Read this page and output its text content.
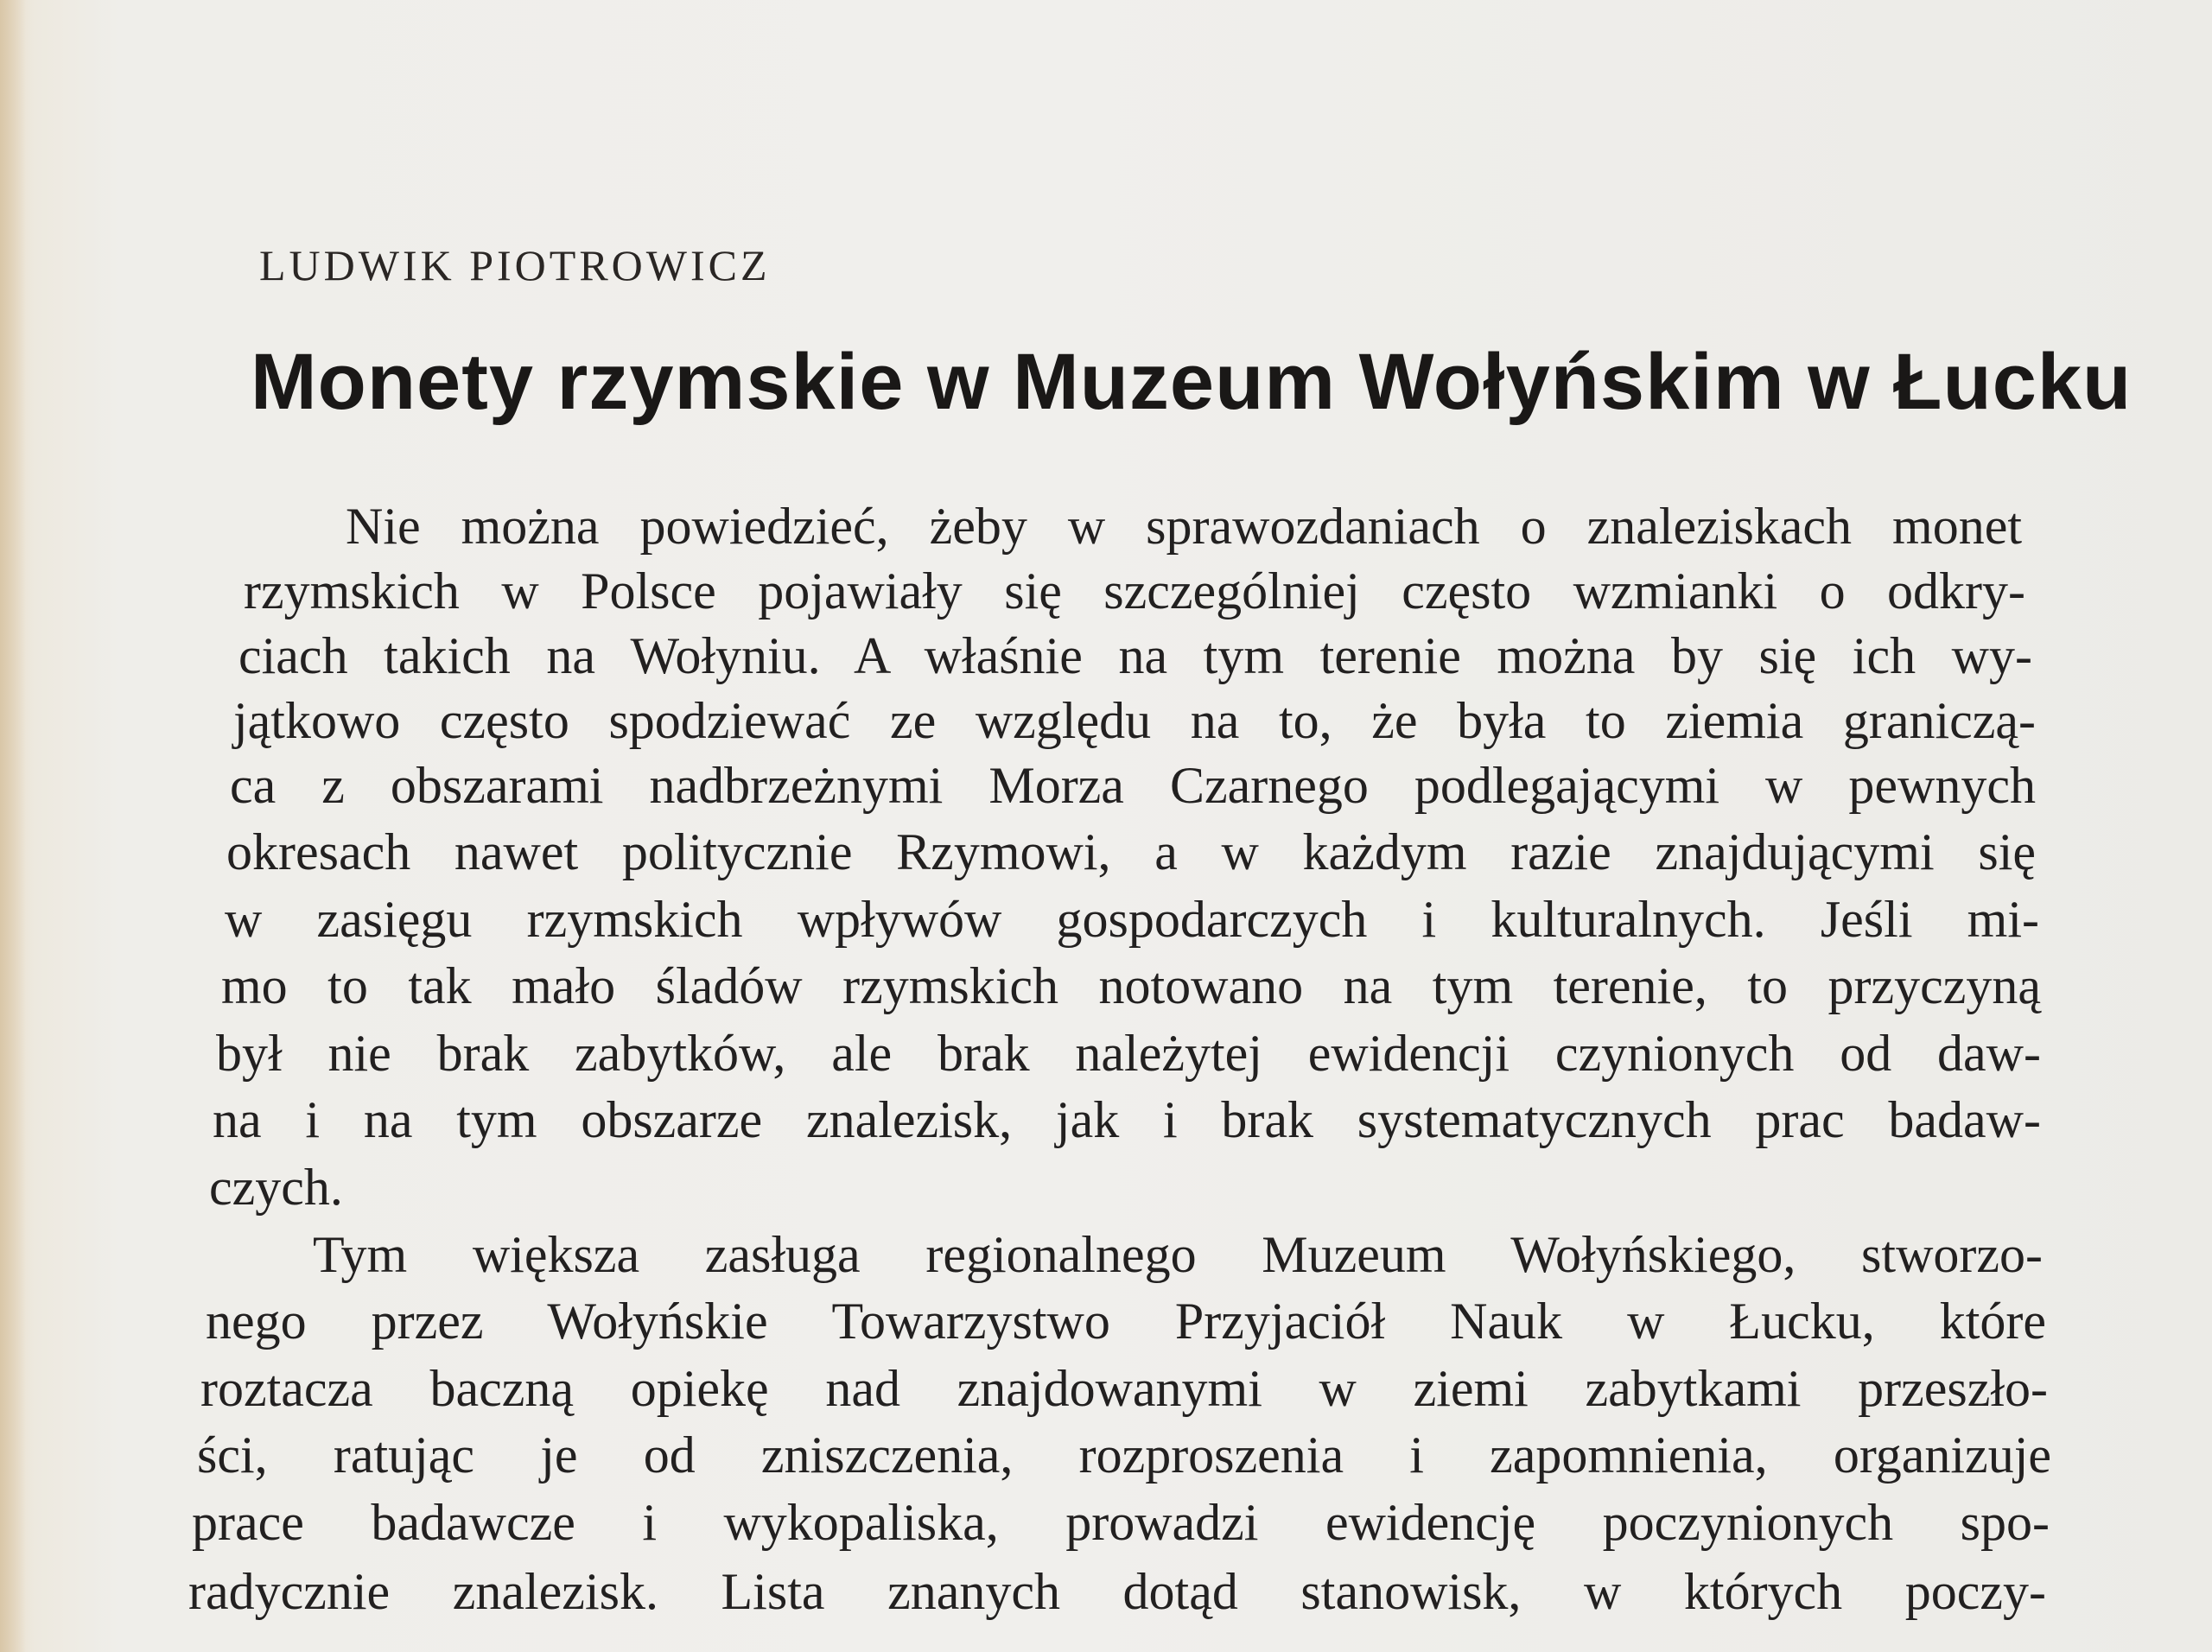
LUDWIK PIOTROWICZ
Monety rzymskie w Muzeum Wołyńskim w Łucku
Nie można powiedzieć, żeby w sprawozdaniach o znaleziskach monet
rzymskich w Polsce pojawiały się szczególniej często wzmianki o odkry-
ciach takich na Wołyniu. A właśnie na tym terenie można by się ich wy-
jątkowo często spodziewać ze względu na to, że była to ziemia graniczą-
ca z obszarami nadbrzeżnymi Morza Czarnego podlegającymi w pewnych
okresach nawet politycznie Rzymowi, a w każdym razie znajdującymi się
w zasięgu rzymskich wpływów gospodarczych i kulturalnych. Jeśli mi-
mo to tak mało śladów rzymskich notowano na tym terenie, to przyczyną
był nie brak zabytków, ale brak należytej ewidencji czynionych od daw-
na i na tym obszarze znalezisk, jak i brak systematycznych prac badaw-
czych.
Tym większa zasługa regionalnego Muzeum Wołyńskiego, stworzo-
nego przez Wołyńskie Towarzystwo Przyjaciół Nauk w Łucku, które
roztacza baczną opiekę nad znajdowanymi w ziemi zabytkami przeszło-
ści, ratując je od zniszczenia, rozproszenia i zapomnienia, organizuje
prace badawcze i wykopaliska, prowadzi ewidencję poczynionych spo-
radycznie znalezisk. Lista znanych dotąd stanowisk, w których poczy-
